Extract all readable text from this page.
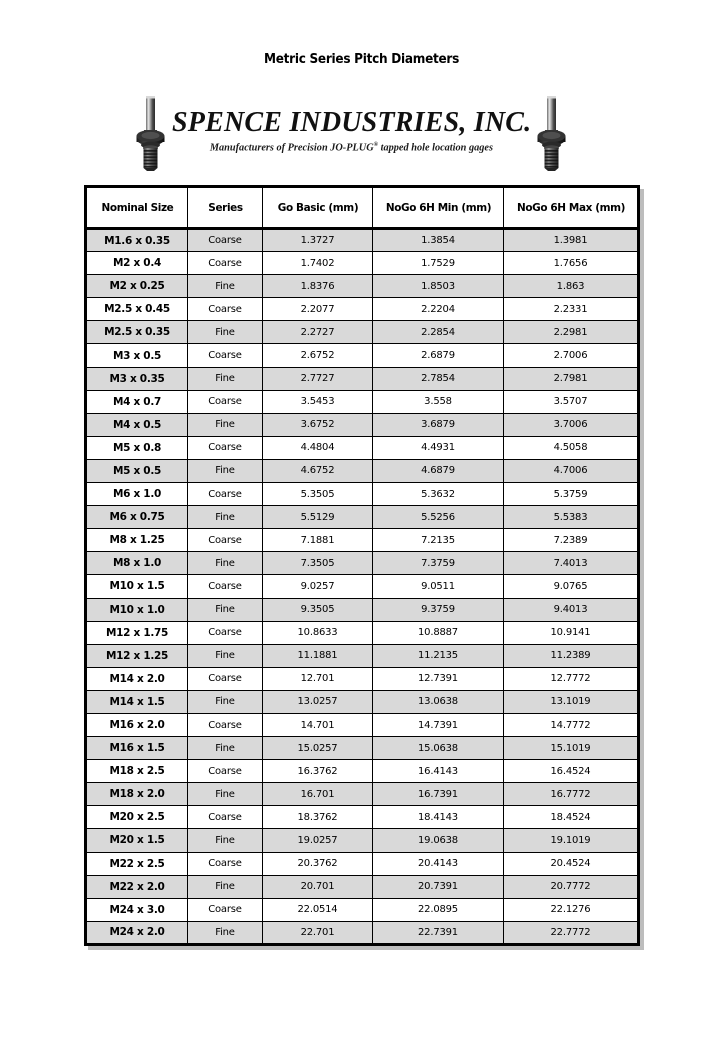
Metric Series Pitch Diameters
SPENCE INDUSTRIES, INC.
Manufacturers of Precision JO-PLUG® tapped hole location gages
Nominal Size	Series	Go Basic (mm)	NoGo 6H Min (mm)	NoGo 6H Max (mm)
M1.6 x 0.35	Coarse	1.3727	1.3854	1.3981
M2 x 0.4	Coarse	1.7402	1.7529	1.7656
M2 x 0.25	Fine	1.8376	1.8503	1.863
M2.5 x 0.45	Coarse	2.2077	2.2204	2.2331
M2.5 x 0.35	Fine	2.2727	2.2854	2.2981
M3 x 0.5	Coarse	2.6752	2.6879	2.7006
M3 x 0.35	Fine	2.7727	2.7854	2.7981
M4 x 0.7	Coarse	3.5453	3.558	3.5707
M4 x 0.5	Fine	3.6752	3.6879	3.7006
M5 x 0.8	Coarse	4.4804	4.4931	4.5058
M5 x 0.5	Fine	4.6752	4.6879	4.7006
M6 x 1.0	Coarse	5.3505	5.3632	5.3759
M6 x 0.75	Fine	5.5129	5.5256	5.5383
M8 x 1.25	Coarse	7.1881	7.2135	7.2389
M8 x 1.0	Fine	7.3505	7.3759	7.4013
M10 x 1.5	Coarse	9.0257	9.0511	9.0765
M10 x 1.0	Fine	9.3505	9.3759	9.4013
M12 x 1.75	Coarse	10.8633	10.8887	10.9141
M12 x 1.25	Fine	11.1881	11.2135	11.2389
M14 x 2.0	Coarse	12.701	12.7391	12.7772
M14 x 1.5	Fine	13.0257	13.0638	13.1019
M16 x 2.0	Coarse	14.701	14.7391	14.7772
M16 x 1.5	Fine	15.0257	15.0638	15.1019
M18 x 2.5	Coarse	16.3762	16.4143	16.4524
M18 x 2.0	Fine	16.701	16.7391	16.7772
M20 x 2.5	Coarse	18.3762	18.4143	18.4524
M20 x 1.5	Fine	19.0257	19.0638	19.1019
M22 x 2.5	Coarse	20.3762	20.4143	20.4524
M22 x 2.0	Fine	20.701	20.7391	20.7772
M24 x 3.0	Coarse	22.0514	22.0895	22.1276
M24 x 2.0	Fine	22.701	22.7391	22.7772
